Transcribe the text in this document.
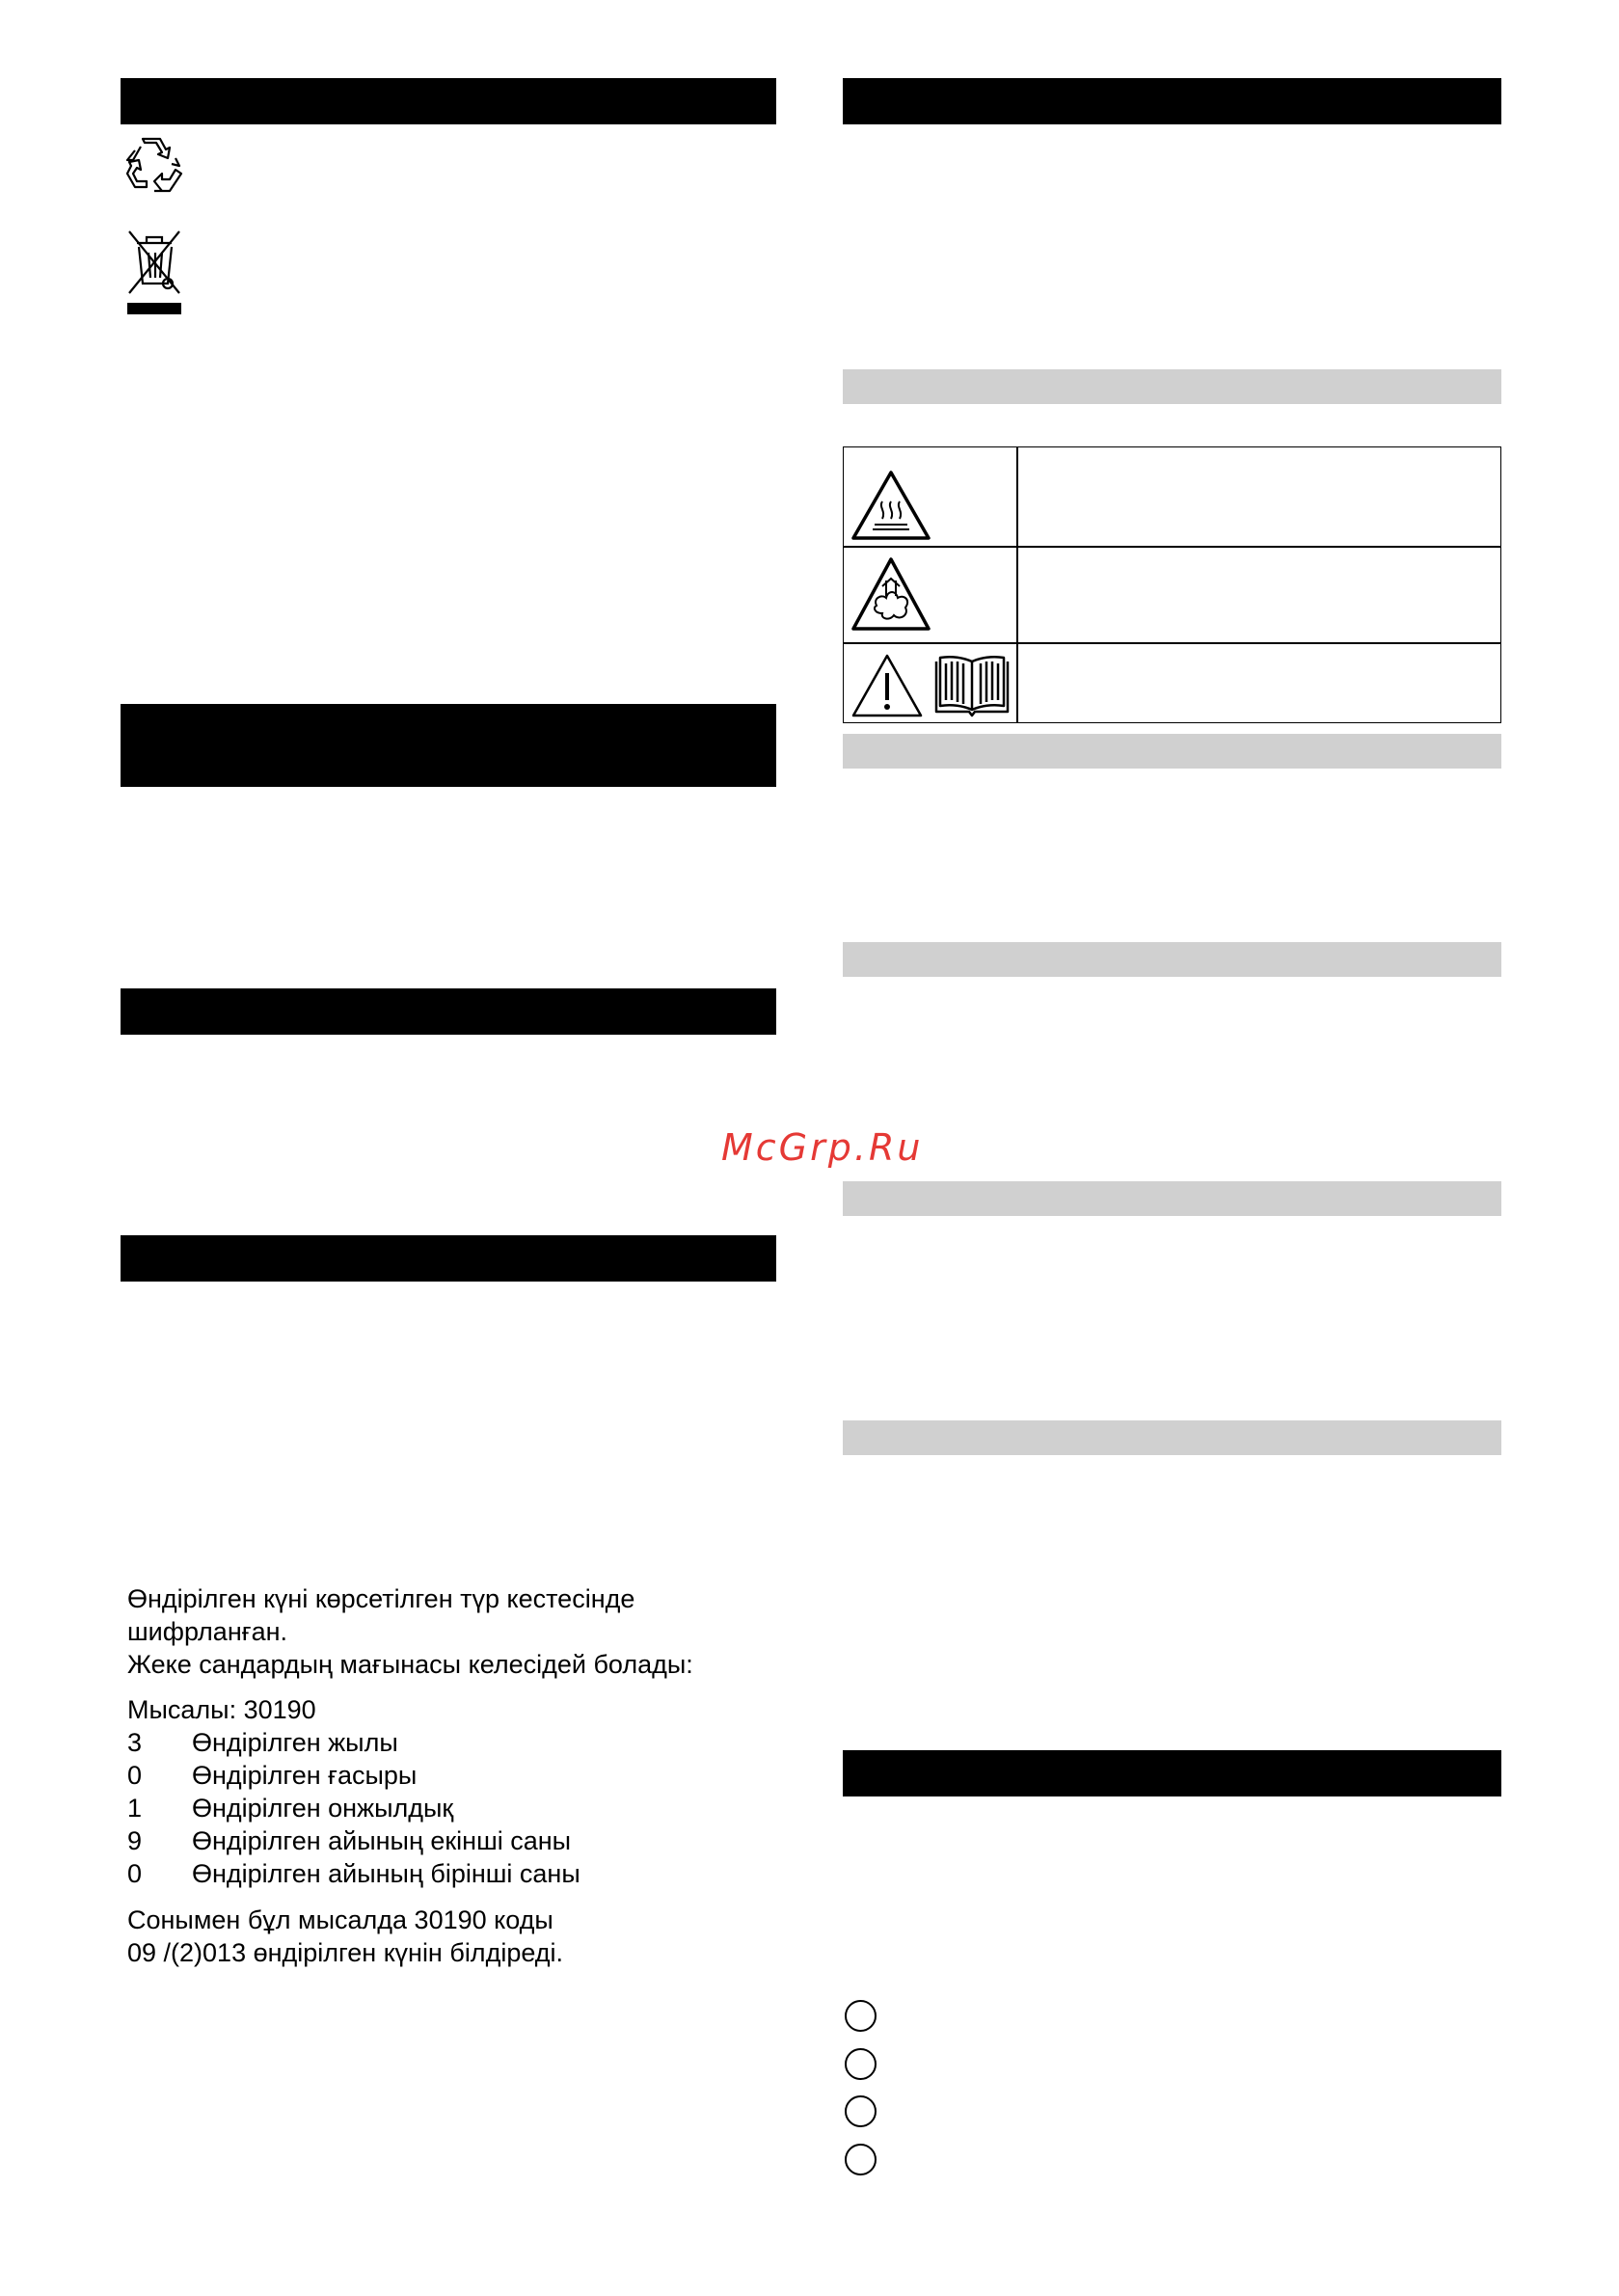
Өндірілген күні көрсетілген түр кестесінде
шифрланған.
Жеке сандардың мағынасы келесідей болады:
Мысалы: 30190
3 Өндірілген жылы
0 Өндірілген ғасыры
1 Өндірілген онжылдық
9 Өндірілген айының екінші саны
0 Өндірілген айының бірінші саны
Сонымен бұл мысалда 30190 коды
09 /(2)013 өндірілген күнін білдіреді.
McGrp.Ru
